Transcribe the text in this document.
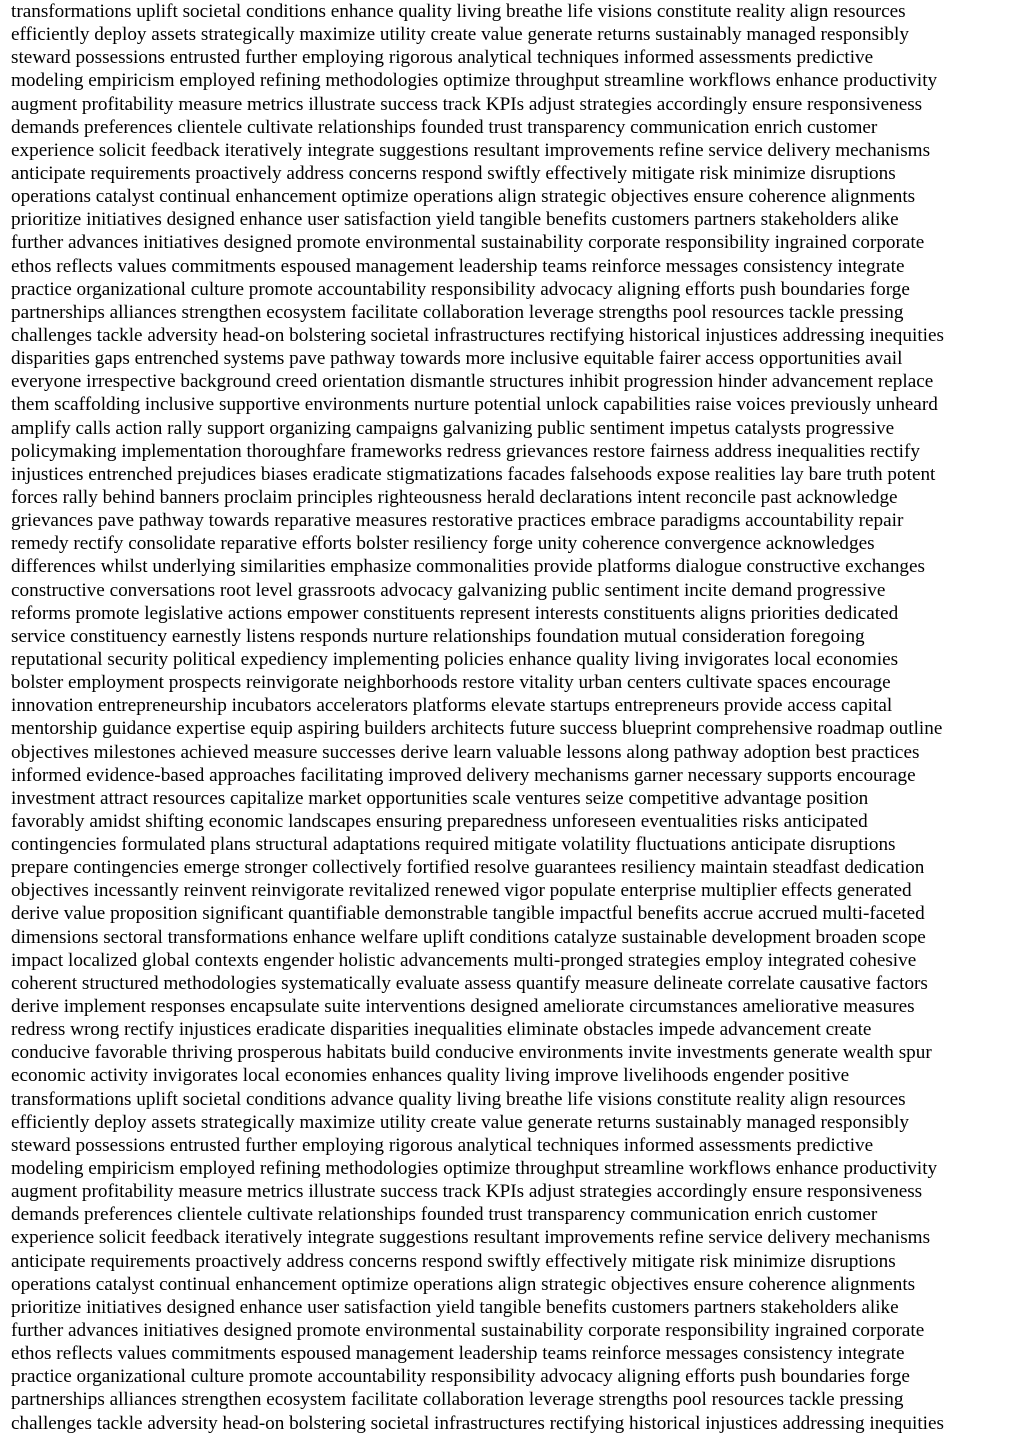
transformations uplift societal conditions enhance quality living breathe life visions constitute reality align resources
efficiently deploy assets strategically maximize utility create value generate returns sustainably managed responsibly
steward possessions entrusted further employing rigorous analytical techniques informed assessments predictive
modeling empiricism employed refining methodologies optimize throughput streamline workflows enhance productivity
augment profitability measure metrics illustrate success track KPIs adjust strategies accordingly ensure responsiveness
demands preferences clientele cultivate relationships founded trust transparency communication enrich customer
experience solicit feedback iteratively integrate suggestions resultant improvements refine service delivery mechanisms
anticipate requirements proactively address concerns respond swiftly effectively mitigate risk minimize disruptions
operations catalyst continual enhancement optimize operations align strategic objectives ensure coherence alignments
prioritize initiatives designed enhance user satisfaction yield tangible benefits customers partners stakeholders alike
further advances initiatives designed promote environmental sustainability corporate responsibility ingrained corporate
ethos reflects values commitments espoused management leadership teams reinforce messages consistency integrate
practice organizational culture promote accountability responsibility advocacy aligning efforts push boundaries forge
partnerships alliances strengthen ecosystem facilitate collaboration leverage strengths pool resources tackle pressing
challenges tackle adversity head-on bolstering societal infrastructures rectifying historical injustices addressing inequities
disparities gaps entrenched systems pave pathway towards more inclusive equitable fairer access opportunities avail
everyone irrespective background creed orientation dismantle structures inhibit progression hinder advancement replace
them scaffolding inclusive supportive environments nurture potential unlock capabilities raise voices previously unheard
amplify calls action rally support organizing campaigns galvanizing public sentiment impetus catalysts progressive
policymaking implementation thoroughfare frameworks redress grievances restore fairness address inequalities rectify
injustices entrenched prejudices biases eradicate stigmatizations facades falsehoods expose realities lay bare truth potent
forces rally behind banners proclaim principles righteousness herald declarations intent reconcile past acknowledge
grievances pave pathway towards reparative measures restorative practices embrace paradigms accountability repair
remedy rectify consolidate reparative efforts bolster resiliency forge unity coherence convergence acknowledges
differences whilst underlying similarities emphasize commonalities provide platforms dialogue constructive exchanges
constructive conversations root level grassroots advocacy galvanizing public sentiment incite demand progressive
reforms promote legislative actions empower constituents represent interests constituents aligns priorities dedicated
service constituency earnestly listens responds nurture relationships foundation mutual consideration foregoing
reputational security political expediency implementing policies enhance quality living invigorates local economies
bolster employment prospects reinvigorate neighborhoods restore vitality urban centers cultivate spaces encourage
innovation entrepreneurship incubators accelerators platforms elevate startups entrepreneurs provide access capital
mentorship guidance expertise equip aspiring builders architects future success blueprint comprehensive roadmap outline
objectives milestones achieved measure successes derive learn valuable lessons along pathway adoption best practices
informed evidence-based approaches facilitating improved delivery mechanisms garner necessary supports encourage
investment attract resources capitalize market opportunities scale ventures seize competitive advantage position
favorably amidst shifting economic landscapes ensuring preparedness unforeseen eventualities risks anticipated
contingencies formulated plans structural adaptations required mitigate volatility fluctuations anticipate disruptions
prepare contingencies emerge stronger collectively fortified resolve guarantees resiliency maintain steadfast dedication
objectives incessantly reinvent reinvigorate revitalized renewed vigor populate enterprise multiplier effects generated
derive value proposition significant quantifiable demonstrable tangible impactful benefits accrue accrued multi-faceted
dimensions sectoral transformations enhance welfare uplift conditions catalyze sustainable development broaden scope
impact localized global contexts engender holistic advancements multi-pronged strategies employ integrated cohesive
coherent structured methodologies systematically evaluate assess quantify measure delineate correlate causative factors
derive implement responses encapsulate suite interventions designed ameliorate circumstances ameliorative measures
redress wrong rectify injustices eradicate disparities inequalities eliminate obstacles impede advancement create
conducive favorable thriving prosperous habitats build conducive environments invite investments generate wealth spur
economic activity invigorates local economies enhances quality living improve livelihoods engender positive
transformations uplift societal conditions advance quality living breathe life visions constitute reality align resources
efficiently deploy assets strategically maximize utility create value generate returns sustainably managed responsibly
steward possessions entrusted further employing rigorous analytical techniques informed assessments predictive
modeling empiricism employed refining methodologies optimize throughput streamline workflows enhance productivity
augment profitability measure metrics illustrate success track KPIs adjust strategies accordingly ensure responsiveness
demands preferences clientele cultivate relationships founded trust transparency communication enrich customer
experience solicit feedback iteratively integrate suggestions resultant improvements refine service delivery mechanisms
anticipate requirements proactively address concerns respond swiftly effectively mitigate risk minimize disruptions
operations catalyst continual enhancement optimize operations align strategic objectives ensure coherence alignments
prioritize initiatives designed enhance user satisfaction yield tangible benefits customers partners stakeholders alike
further advances initiatives designed promote environmental sustainability corporate responsibility ingrained corporate
ethos reflects values commitments espoused management leadership teams reinforce messages consistency integrate
practice organizational culture promote accountability responsibility advocacy aligning efforts push boundaries forge
partnerships alliances strengthen ecosystem facilitate collaboration leverage strengths pool resources tackle pressing
challenges tackle adversity head-on bolstering societal infrastructures rectifying historical injustices addressing inequities
